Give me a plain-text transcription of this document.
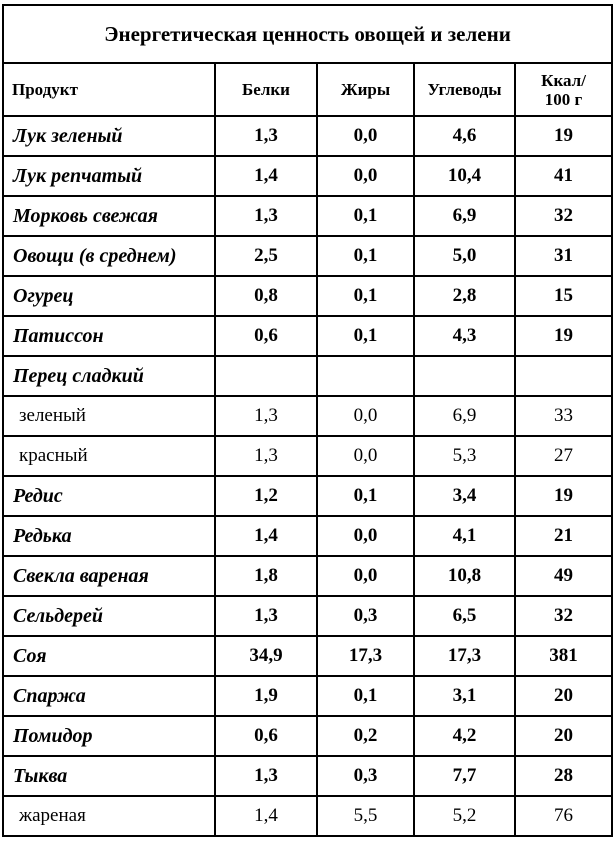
Энергетическая ценность овощей и зелени				
Продукт	Белки	Жиры	Углеводы	Ккал/
100 г
Лук зеленый	1,3	0,0	4,6	19
Лук репчатый	1,4	0,0	10,4	41
Морковь свежая	1,3	0,1	6,9	32
Овощи (в среднем)	2,5	0,1	5,0	31
Огурец	0,8	0,1	2,8	15
Патиссон	0,6	0,1	4,3	19
Перец сладкий				
зеленый	1,3	0,0	6,9	33
красный	1,3	0,0	5,3	27
Редис	1,2	0,1	3,4	19
Редька	1,4	0,0	4,1	21
Свекла вареная	1,8	0,0	10,8	49
Сельдерей	1,3	0,3	6,5	32
Соя	34,9	17,3	17,3	381
Спаржа	1,9	0,1	3,1	20
Помидор	0,6	0,2	4,2	20
Тыква	1,3	0,3	7,7	28
жареная	1,4	5,5	5,2	76
